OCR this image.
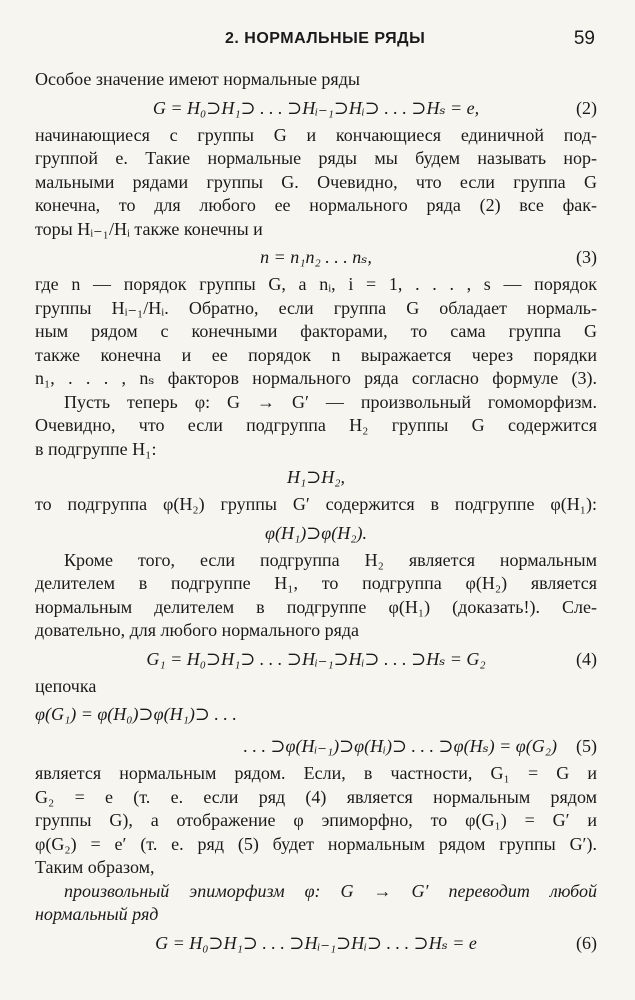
2. НОРМАЛЬНЫЕ РЯДЫ	59
Особое значение имеют нормальные ряды
G = H₀⊃H₁⊃ . . . ⊃Hᵢ₋₁⊃Hᵢ⊃ . . . ⊃Hₛ = e,	(2)
начинающиеся с группы G и кончающиеся единичной под-
группой e. Такие нормальные ряды мы будем называть нор-
мальными рядами группы G. Очевидно, что если группа G
конечна, то для любого ее нормального ряда (2) все фак-
торы Hᵢ₋₁/Hᵢ также конечны и
n = n₁n₂ . . . nₛ,	(3)
где n — порядок группы G, а nᵢ, i = 1, . . . , s — порядок
группы Hᵢ₋₁/Hᵢ. Обратно, если группа G обладает нормаль-
ным рядом с конечными факторами, то сама группа G
также конечна и ее порядок n выражается через порядки
n₁, . . . , nₛ факторов нормального ряда согласно формуле (3).
Пусть теперь φ: G → G′ — произвольный гомоморфизм.
Очевидно, что если подгруппа H₂ группы G содержится
в подгруппе H₁:
H₁⊃H₂,
то подгруппа φ(H₂) группы G′ содержится в подгруппе φ(H₁):
φ(H₁)⊃φ(H₂).
Кроме того, если подгруппа H₂ является нормальным
делителем в подгруппе H₁, то подгруппа φ(H₂) является
нормальным делителем в подгруппе φ(H₁) (доказать!). Сле-
довательно, для любого нормального ряда
G₁ = H₀⊃H₁⊃ . . . ⊃Hᵢ₋₁⊃Hᵢ⊃ . . . ⊃Hₛ = G₂	(4)
цепочка
φ(G₁) = φ(H₀)⊃φ(H₁)⊃ . . .
. . . ⊃φ(Hᵢ₋₁)⊃φ(Hᵢ)⊃ . . . ⊃φ(Hₛ) = φ(G₂) (5)
является нормальным рядом. Если, в частности, G₁ = G и
G₂ = e (т. е. если ряд (4) является нормальным рядом
группы G), а отображение φ эпиморфно, то φ(G₁) = G′ и
φ(G₂) = e′ (т. е. ряд (5) будет нормальным рядом группы G′).
Таким образом,
произвольный эпиморфизм φ: G → G′ переводит любой
нормальный ряд
G = H₀⊃H₁⊃ . . . ⊃Hᵢ₋₁⊃Hᵢ⊃ . . . ⊃Hₛ = e	(6)
